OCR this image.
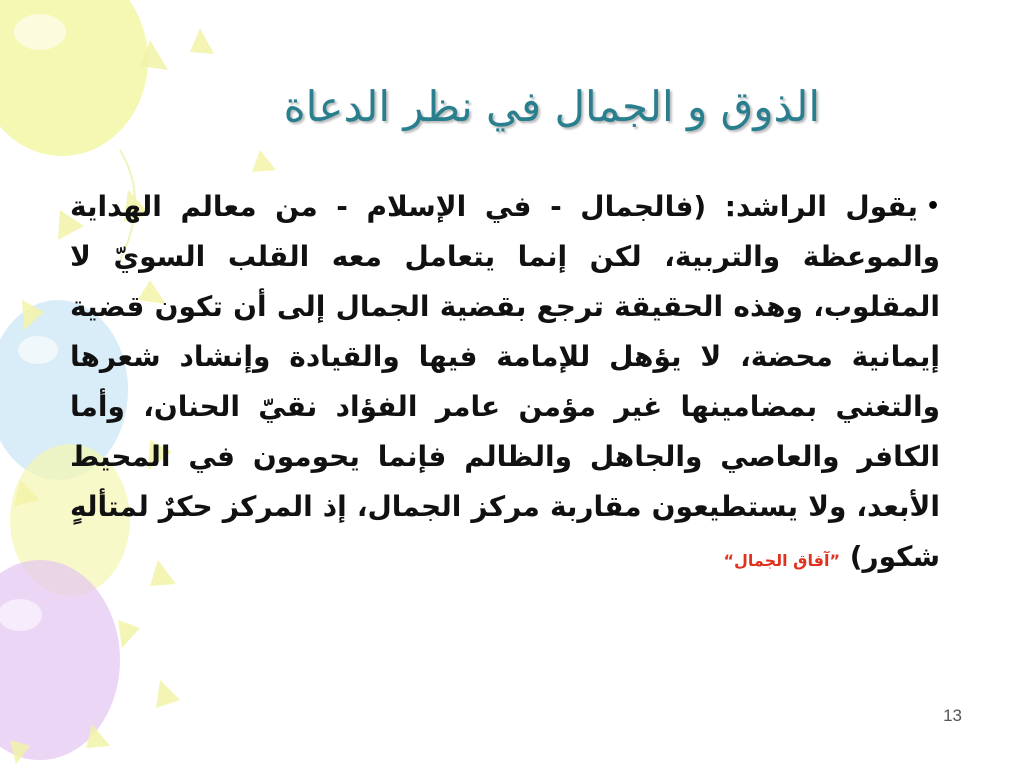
الذوق و الجمال في نظر الدعاة
•يقول الراشد: (فالجمال - في الإسلام - من معالم الهداية والموعظة والتربية، لكن إنما يتعامل معه القلب السويّ لا المقلوب، وهذه الحقيقة ترجع بقضية الجمال إلى أن تكون قضية إيمانية محضة، لا يؤهل للإمامة فيها والقيادة وإنشاد شعرها والتغني بمضامينها غير مؤمن عامر الفؤاد نقيّ الحنان، وأما الكافر والعاصي والجاهل والظالم فإنما يحومون في المحيط الأبعد، ولا يستطيعون مقاربة مركز الجمال، إذ المركز حكرٌ لمتألهٍ شكور) ”آفاق الجمال“
13
